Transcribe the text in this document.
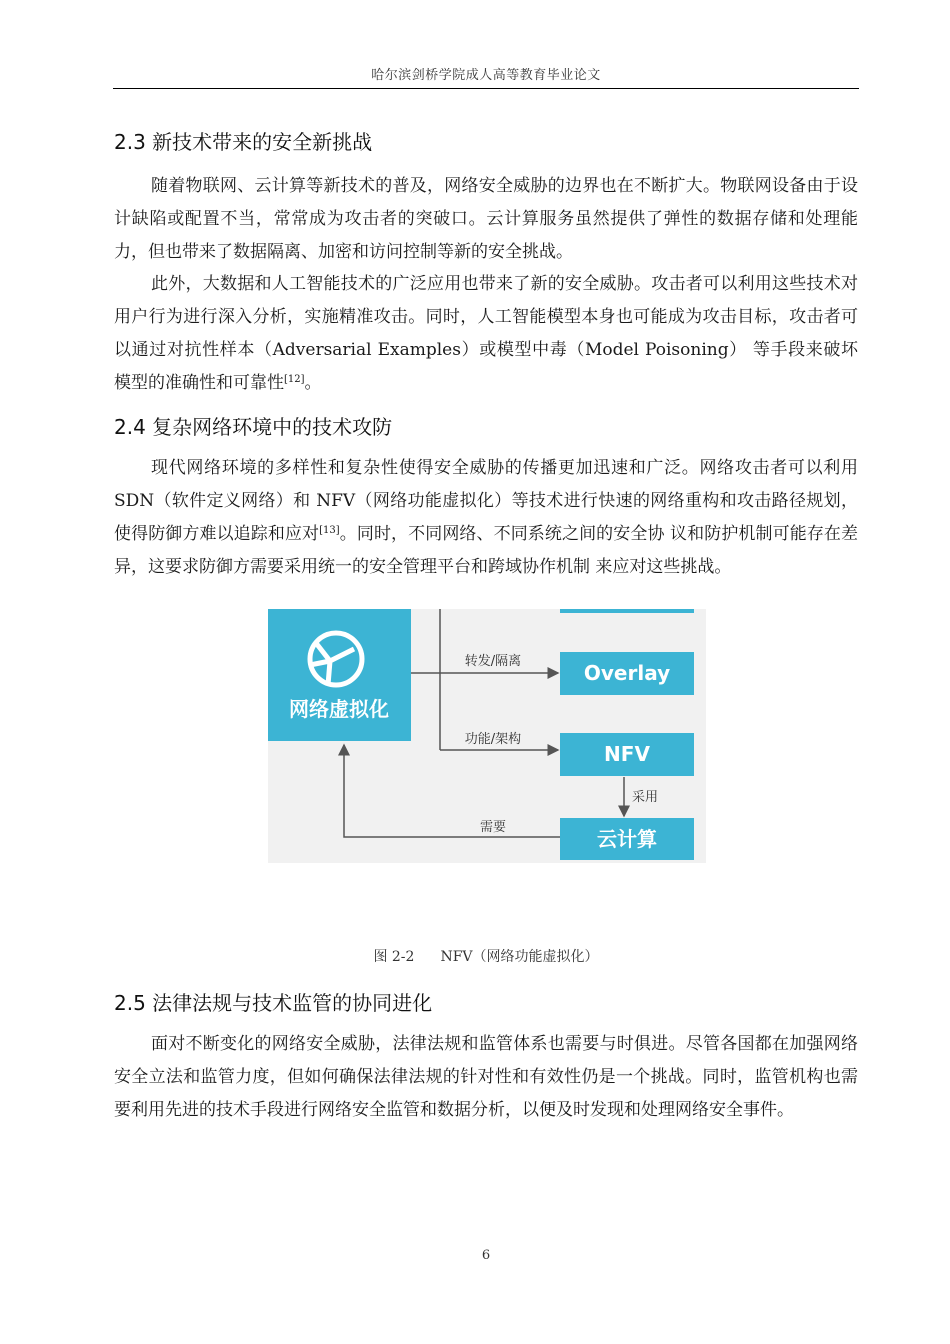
哈尔滨剑桥学院成人高等教育毕业论文
2.3 新技术带来的安全新挑战

随着物联网、云计算等新技术的普及，网络安全威胁的边界也在不断扩大。物联网设备由于设计缺陷或配置不当，常常成为攻击者的突破口。云计算服务虽然提供了弹性的数据存储和处理能力，但也带来了数据隔离、加密和访问控制等新的安全挑战。

此外，大数据和人工智能技术的广泛应用也带来了新的安全威胁。攻击者可以利用这些技术对用户行为进行深入分析，实施精准攻击。同时，人工智能模型本身也可能成为攻击目标，攻击者可以通过对抗性样本（Adversarial Examples）或模型中毒（Model Poisoning） 等手段来破坏模型的准确性和可靠性[12]。

2.4 复杂网络环境中的技术攻防

现代网络环境的多样性和复杂性使得安全威胁的传播更加迅速和广泛。网络攻击者可以利用 SDN（软件定义网络）和 NFV（网络功能虚拟化）等技术进行快速的网络重构和攻击路径规划，使得防御方难以追踪和应对[13]。同时，不同网络、不同系统之间的安全协 议和防护机制可能存在差异，这要求防御方需要采用统一的安全管理平台和跨域协作机制 来应对这些挑战。

网络虚拟化
转发/隔离
功能/架构
Overlay
NFV
采用
云计算
需要
图 2-2 NFV（网络功能虚拟化）
2.5 法律法规与技术监管的协同进化

面对不断变化的网络安全威胁，法律法规和监管体系也需要与时俱进。尽管各国都在加强网络安全立法和监管力度，但如何确保法律法规的针对性和有效性仍是一个挑战。同时，监管机构也需要利用先进的技术手段进行网络安全监管和数据分析，以便及时发现和处理网络安全事件。

6
